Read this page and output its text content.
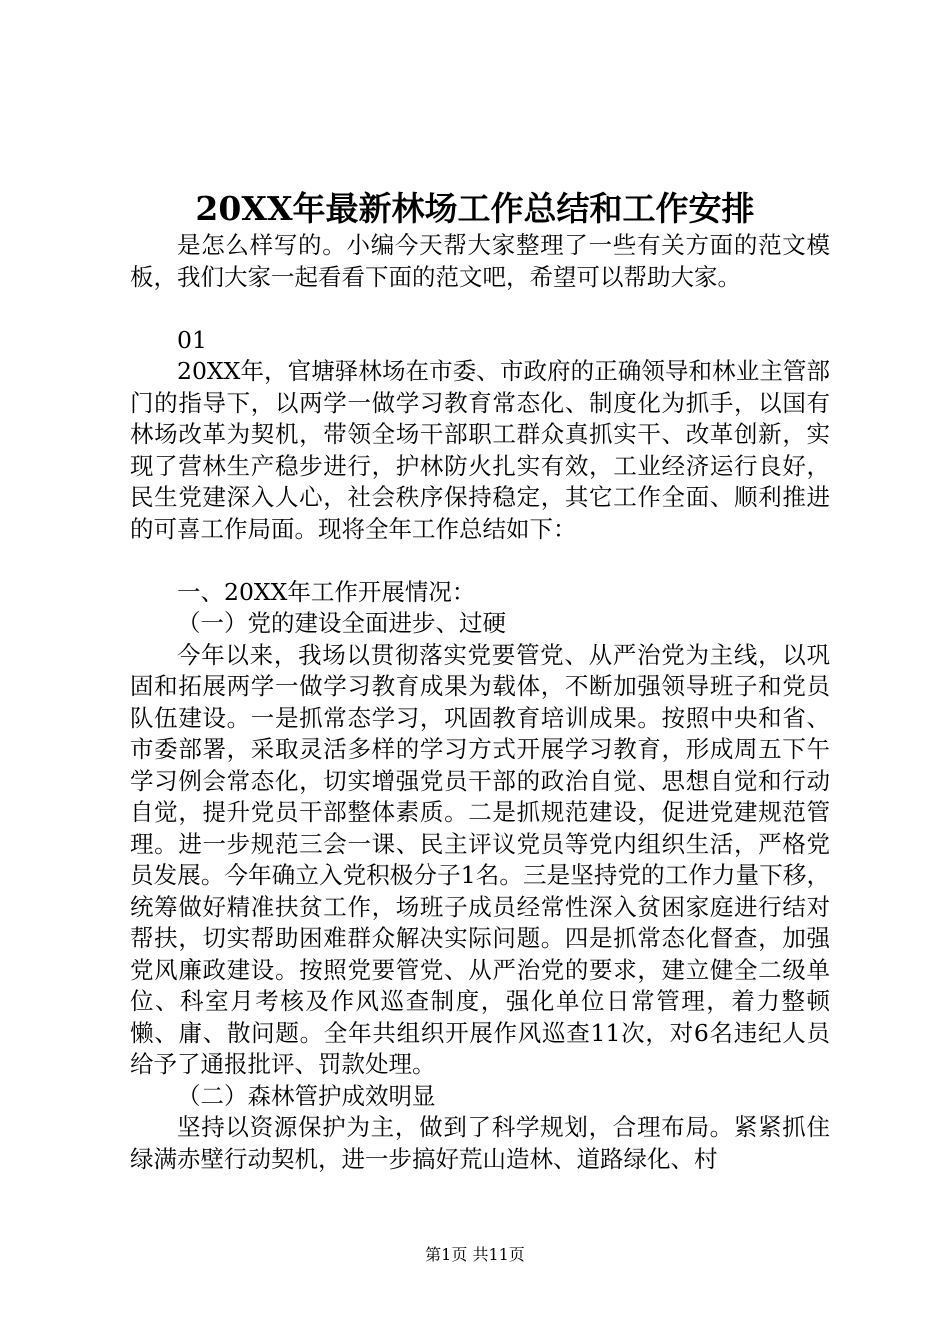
20XX年最新林场工作总结和工作安排

是怎么样写的。小编今天帮大家整理了一些有关方面的范文模板，我们大家一起看看下面的范文吧，希望可以帮助大家。

01

20XX年，官塘驿林场在市委、市政府的正确领导和林业主管部门的指导下，以两学一做学习教育常态化、制度化为抓手，以国有林场改革为契机，带领全场干部职工群众真抓实干、改革创新，实现了营林生产稳步进行，护林防火扎实有效，工业经济运行良好，民生党建深入人心，社会秩序保持稳定，其它工作全面、顺利推进的可喜工作局面。现将全年工作总结如下：

一、20XX年工作开展情况：

（一）党的建设全面进步、过硬

今年以来，我场以贯彻落实党要管党、从严治党为主线，以巩固和拓展两学一做学习教育成果为载体，不断加强领导班子和党员队伍建设。一是抓常态学习，巩固教育培训成果。按照中央和省、市委部署，采取灵活多样的学习方式开展学习教育，形成周五下午学习例会常态化，切实增强党员干部的政治自觉、思想自觉和行动自觉，提升党员干部整体素质。二是抓规范建设，促进党建规范管理。进一步规范三会一课、民主评议党员等党内组织生活，严格党员发展。今年确立入党积极分子1名。三是坚持党的工作力量下移，统筹做好精准扶贫工作，场班子成员经常性深入贫困家庭进行结对帮扶，切实帮助困难群众解决实际问题。四是抓常态化督查，加强党风廉政建设。按照党要管党、从严治党的要求，建立健全二级单位、科室月考核及作风巡查制度，强化单位日常管理，着力整顿懒、庸、散问题。全年共组织开展作风巡查11次，对6名违纪人员给予了通报批评、罚款处理。

（二）森林管护成效明显

坚持以资源保护为主，做到了科学规划，合理布局。紧紧抓住绿满赤壁行动契机，进一步搞好荒山造林、道路绿化、村

第1页 共11页
